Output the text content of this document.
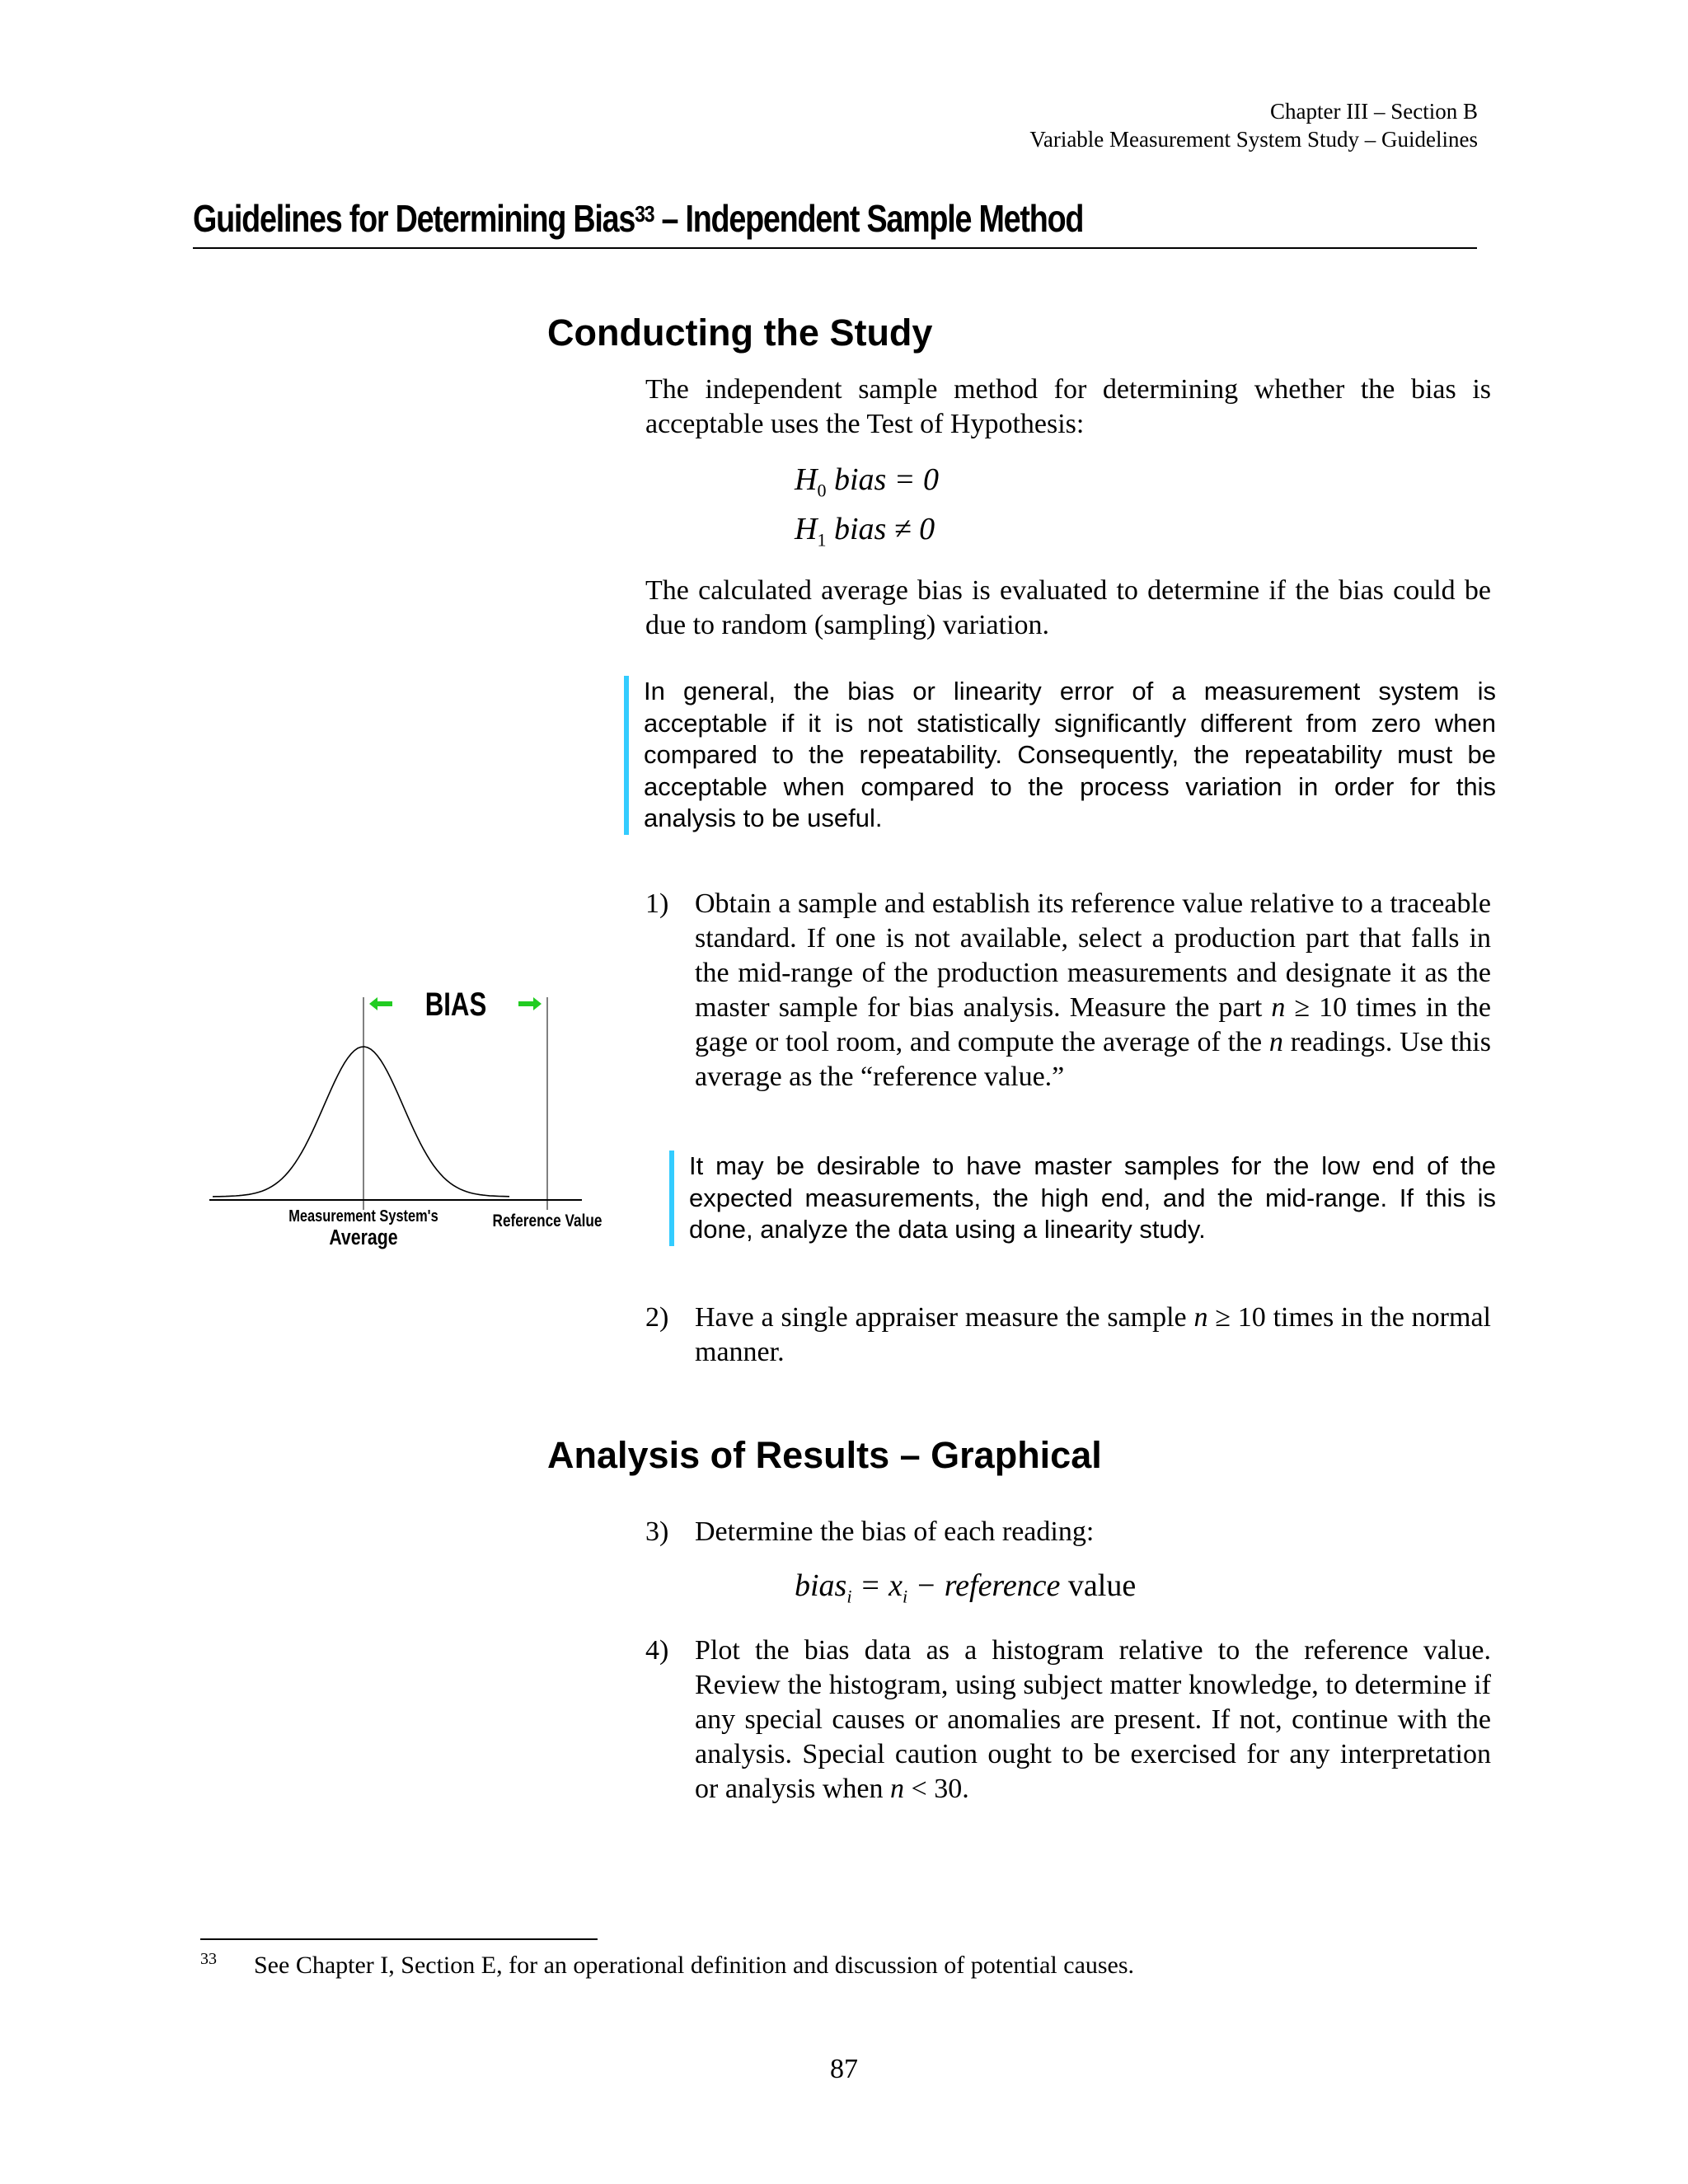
Chapter III – Section B
Variable Measurement System Study – Guidelines
Guidelines for Determining Bias$^{33}$ – Independent Sample Method
Conducting the Study
The independent sample method for determining whether the bias is acceptable uses the Test of Hypothesis:
$H_0$ bias = 0
$H_1$ bias ≠ 0
The calculated average bias is evaluated to determine if the bias could be due to random (sampling) variation.
In general, the bias or linearity error of a measurement system is acceptable if it is not statistically significantly different from zero when compared to the repeatability. Consequently, the repeatability must be acceptable when compared to the process variation in order for this analysis to be useful.
1) Obtain a sample and establish its reference value relative to a traceable standard. If one is not available, select a production part that falls in the mid-range of the production measurements and designate it as the master sample for bias analysis. Measure the part n ≥ 10 times in the gage or tool room, and compute the average of the n readings. Use this average as the “reference value.”
It may be desirable to have master samples for the low end of the expected measurements, the high end, and the mid-range. If this is done, analyze the data using a linearity study.
2) Have a single appraiser measure the sample n ≥ 10 times in the normal manner.
BIAS
Measurement System's
Average
Reference Value
Analysis of Results – Graphical
3) Determine the bias of each reading:
bias$_i$ = $x_i$ − reference value
4) Plot the bias data as a histogram relative to the reference value. Review the histogram, using subject matter knowledge, to determine if any special causes or anomalies are present. If not, continue with the analysis. Special caution ought to be exercised for any interpretation or analysis when n < 30.
$^{33}$ See Chapter I, Section E, for an operational definition and discussion of potential causes.
87
